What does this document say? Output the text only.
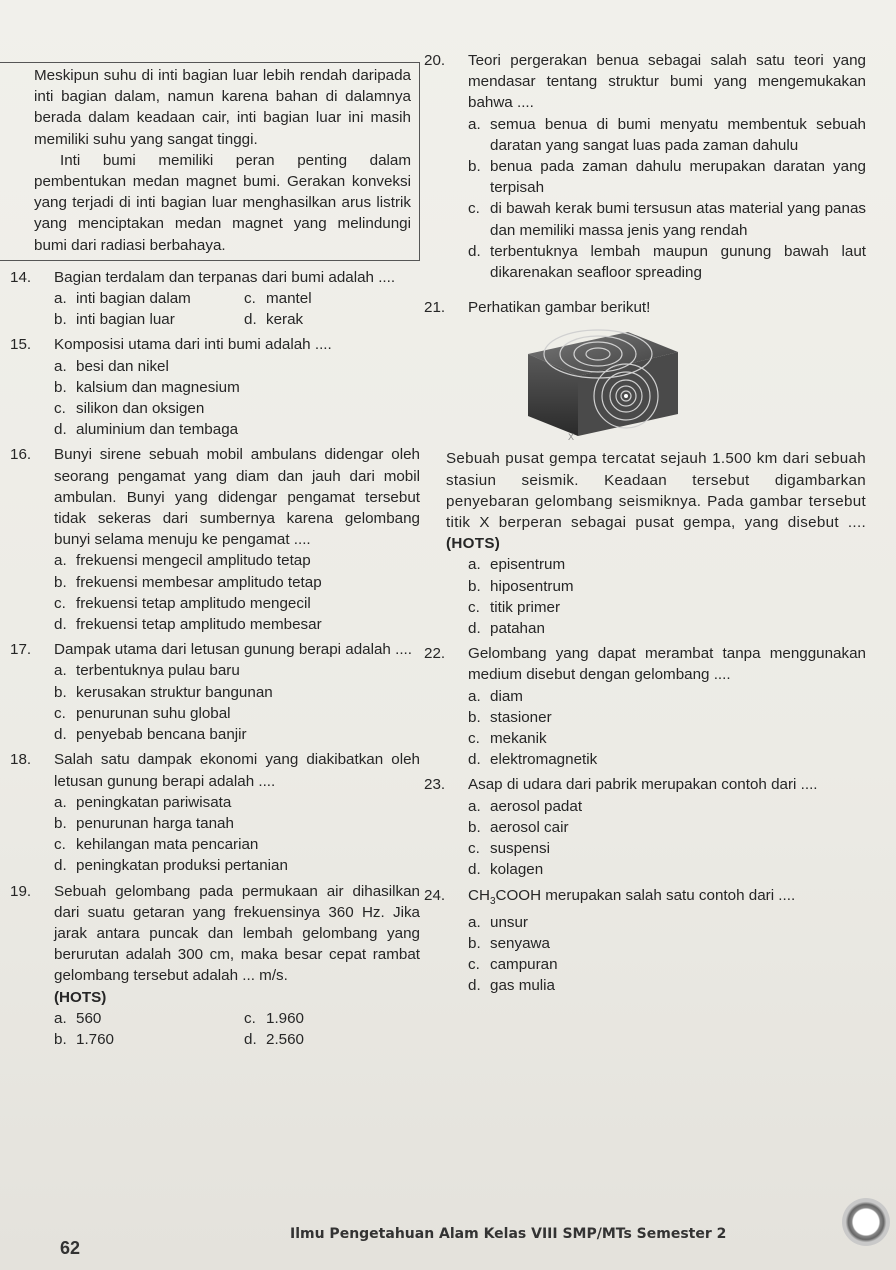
Meskipun suhu di inti bagian luar lebih rendah daripada inti bagian dalam, namun karena bahan di dalamnya berada dalam keadaan cair, inti bagian luar ini masih memiliki suhu yang sangat tinggi.

Inti bumi memiliki peran penting dalam pembentukan medan magnet bumi. Gerakan konveksi yang terjadi di inti bagian luar menghasilkan arus listrik yang menciptakan medan magnet yang melindungi bumi dari radiasi berbahaya.

14. Bagian terdalam dan terpanas dari bumi adalah ....
a. inti bagian dalam	c. mantel
b. inti bagian luar	d. kerak
15. Komposisi utama dari inti bumi adalah ....
a. besi dan nikel
b. kalsium dan magnesium
c. silikon dan oksigen
d. aluminium dan tembaga
16. Bunyi sirene sebuah mobil ambulans didengar oleh seorang pengamat yang diam dan jauh dari mobil ambulan. Bunyi yang didengar pengamat tersebut tidak sekeras dari sumbernya karena gelombang bunyi selama menuju ke pengamat ....
a. frekuensi mengecil amplitudo tetap
b. frekuensi membesar amplitudo tetap
c. frekuensi tetap amplitudo mengecil
d. frekuensi tetap amplitudo membesar
17. Dampak utama dari letusan gunung berapi adalah ....
a. terbentuknya pulau baru
b. kerusakan struktur bangunan
c. penurunan suhu global
d. penyebab bencana banjir
18. Salah satu dampak ekonomi yang diakibatkan oleh letusan gunung berapi adalah ....
a. peningkatan pariwisata
b. penurunan harga tanah
c. kehilangan mata pencarian
d. peningkatan produksi pertanian
19. Sebuah gelombang pada permukaan air dihasilkan dari suatu getaran yang frekuensinya 360 Hz. Jika jarak antara puncak dan lembah gelombang yang berurutan adalah 300 cm, maka besar cepat rambat gelombang tersebut adalah ... m/s.
(HOTS)
a. 560	c. 1.960
b. 1.760	d. 2.560
20. Teori pergerakan benua sebagai salah satu teori yang mendasar tentang struktur bumi yang mengemukakan bahwa ....
a. semua benua di bumi menyatu membentuk sebuah daratan yang sangat luas pada zaman dahulu
b. benua pada zaman dahulu merupakan daratan yang terpisah
c. di bawah kerak bumi tersusun atas material yang panas dan memiliki massa jenis yang rendah
d. terbentuknya lembah maupun gunung bawah laut dikarenakan seafloor spreading
21. Perhatikan gambar berikut!
X

Sebuah pusat gempa tercatat sejauh 1.500 km dari sebuah stasiun seismik. Keadaan tersebut digambarkan penyebaran gelombang seismiknya. Pada gambar tersebut titik X berperan sebagai pusat gempa, yang disebut .... (HOTS)

a. episentrum
b. hiposentrum
c. titik primer
d. patahan
22. Gelombang yang dapat merambat tanpa menggunakan medium disebut dengan gelombang ....
a. diam
b. stasioner
c. mekanik
d. elektromagnetik
23. Asap di udara dari pabrik merupakan contoh dari ....
a. aerosol padat
b. aerosol cair
c. suspensi
d. kolagen
24. $CH_3COOH$ merupakan salah satu contoh dari ....
a. unsur
b. senyawa
c. campuran
d. gas mulia
62
Ilmu Pengetahuan Alam Kelas VIII SMP/MTs Semester 2
